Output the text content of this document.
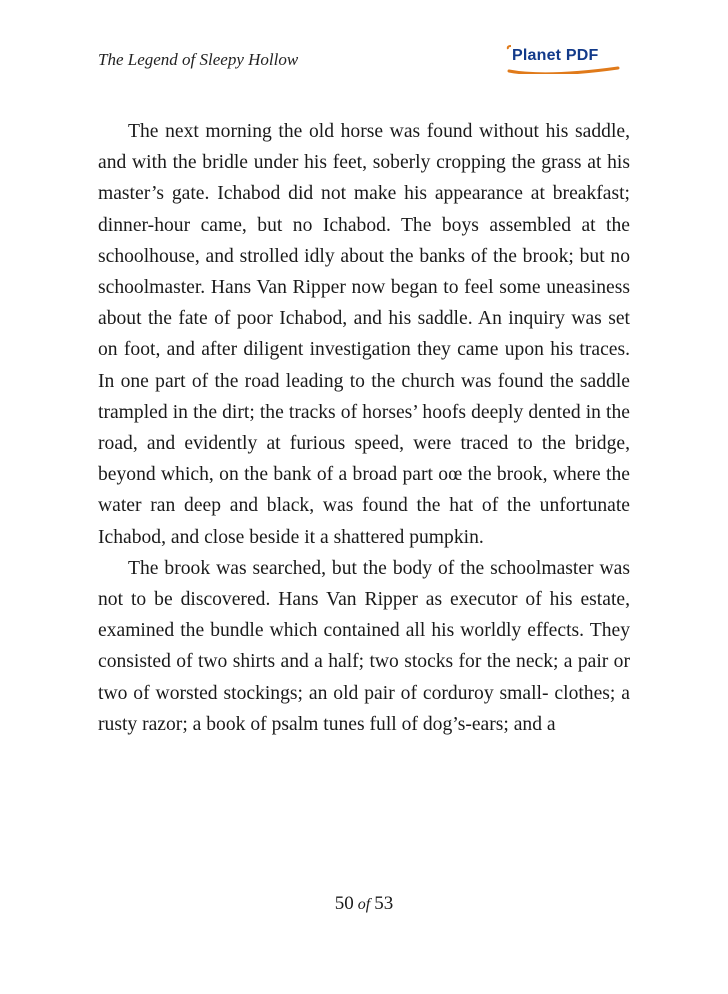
The Legend of Sleepy Hollow	Planet PDF

The next morning the old horse was found without his saddle, and with the bridle under his feet, soberly cropping the grass at his master’s gate. Ichabod did not make his appearance at breakfast; dinner-hour came, but no Ichabod. The boys assembled at the schoolhouse, and strolled idly about the banks of the brook; but no schoolmaster. Hans Van Ripper now began to feel some uneasiness about the fate of poor Ichabod, and his saddle. An inquiry was set on foot, and after diligent investigation they came upon his traces. In one part of the road leading to the church was found the saddle trampled in the dirt; the tracks of horses’ hoofs deeply dented in the road, and evidently at furious speed, were traced to the bridge, beyond which, on the bank of a broad part oœ the brook, where the water ran deep and black, was found the hat of the unfortunate Ichabod, and close beside it a shattered pumpkin.

The brook was searched, but the body of the schoolmaster was not to be discovered. Hans Van Ripper as executor of his estate, examined the bundle which contained all his worldly effects. They consisted of two shirts and a half; two stocks for the neck; a pair or two of worsted stockings; an old pair of corduroy small- clothes; a rusty razor; a book of psalm tunes full of dog’s-ears; and a

50 of 53
